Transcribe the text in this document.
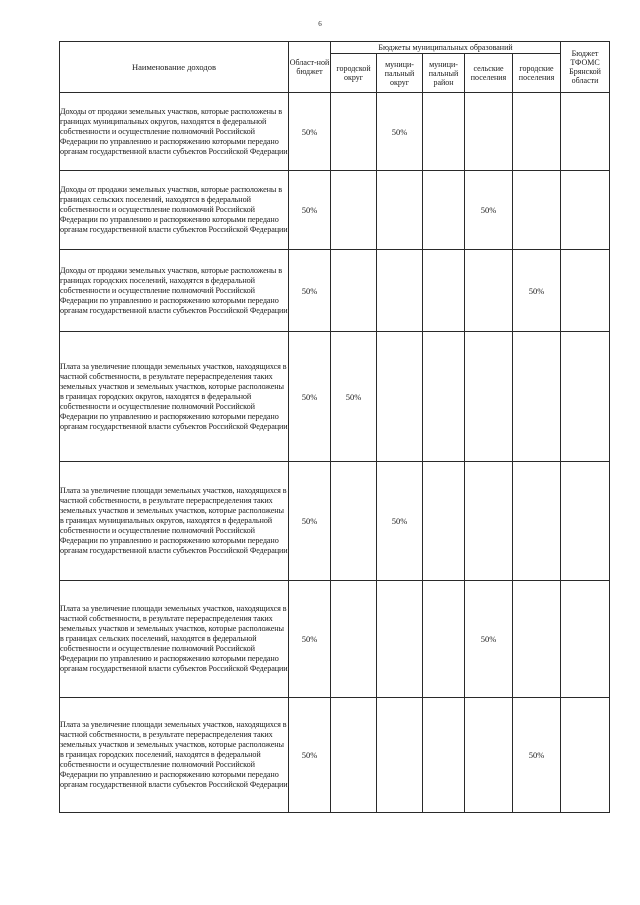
6
Наименование доходов	Област-ной бюджет	Бюджеты муниципальных образований					Бюджет ТФОМС Брянской области
		городской округ	муници-пальный округ	муници-пальный район	сельские поселения	городские поселения	
Доходы от продажи земельных участков, которые расположены в границах муниципальных округов, находятся в федеральной собственности и осуществление полномочий Российской Федерации по управлению и распоряжению которыми передано органам государственной власти субъектов Российской Федерации	50%		50%				
Доходы от продажи земельных участков, которые расположены в границах сельских поселений, находятся в федеральной собственности и осуществление полномочий Российской Федерации по управлению и распоряжению которыми передано органам государственной власти субъектов Российской Федерации	50%				50%		
Доходы от продажи земельных участков, которые расположены в границах городских поселений, находятся в федеральной собственности и осуществление полномочий Российской Федерации по управлению и распоряжению которыми передано органам государственной власти субъектов Российской Федерации	50%					50%	
Плата за увеличение площади земельных участков, находящихся в частной собственности, в результате перераспределения таких земельных участков и земельных участков, которые расположены в границах городских округов, находятся в федеральной собственности и осуществление полномочий Российской Федерации по управлению и распоряжению которыми передано органам государственной власти субъектов Российской Федерации	50%	50%					
Плата за увеличение площади земельных участков, находящихся в частной собственности, в результате перераспределения таких земельных участков и земельных участков, которые расположены в границах муниципальных округов, находятся в федеральной собственности и осуществление полномочий Российской Федерации по управлению и распоряжению которыми передано органам государственной власти субъектов Российской Федерации	50%		50%				
Плата за увеличение площади земельных участков, находящихся в частной собственности, в результате перераспределения таких земельных участков и земельных участков, которые расположены в границах сельских поселений, находятся в федеральной собственности и осуществление полномочий Российской Федерации по управлению и распоряжению которыми передано органам государственной власти субъектов Российской Федерации	50%				50%		
Плата за увеличение площади земельных участков, находящихся в частной собственности, в результате перераспределения таких земельных участков и земельных участков, которые расположены в границах городских поселений, находятся в федеральной собственности и осуществление полномочий Российской Федерации по управлению и распоряжению которыми передано органам государственной власти субъектов Российской Федерации	50%					50%	
